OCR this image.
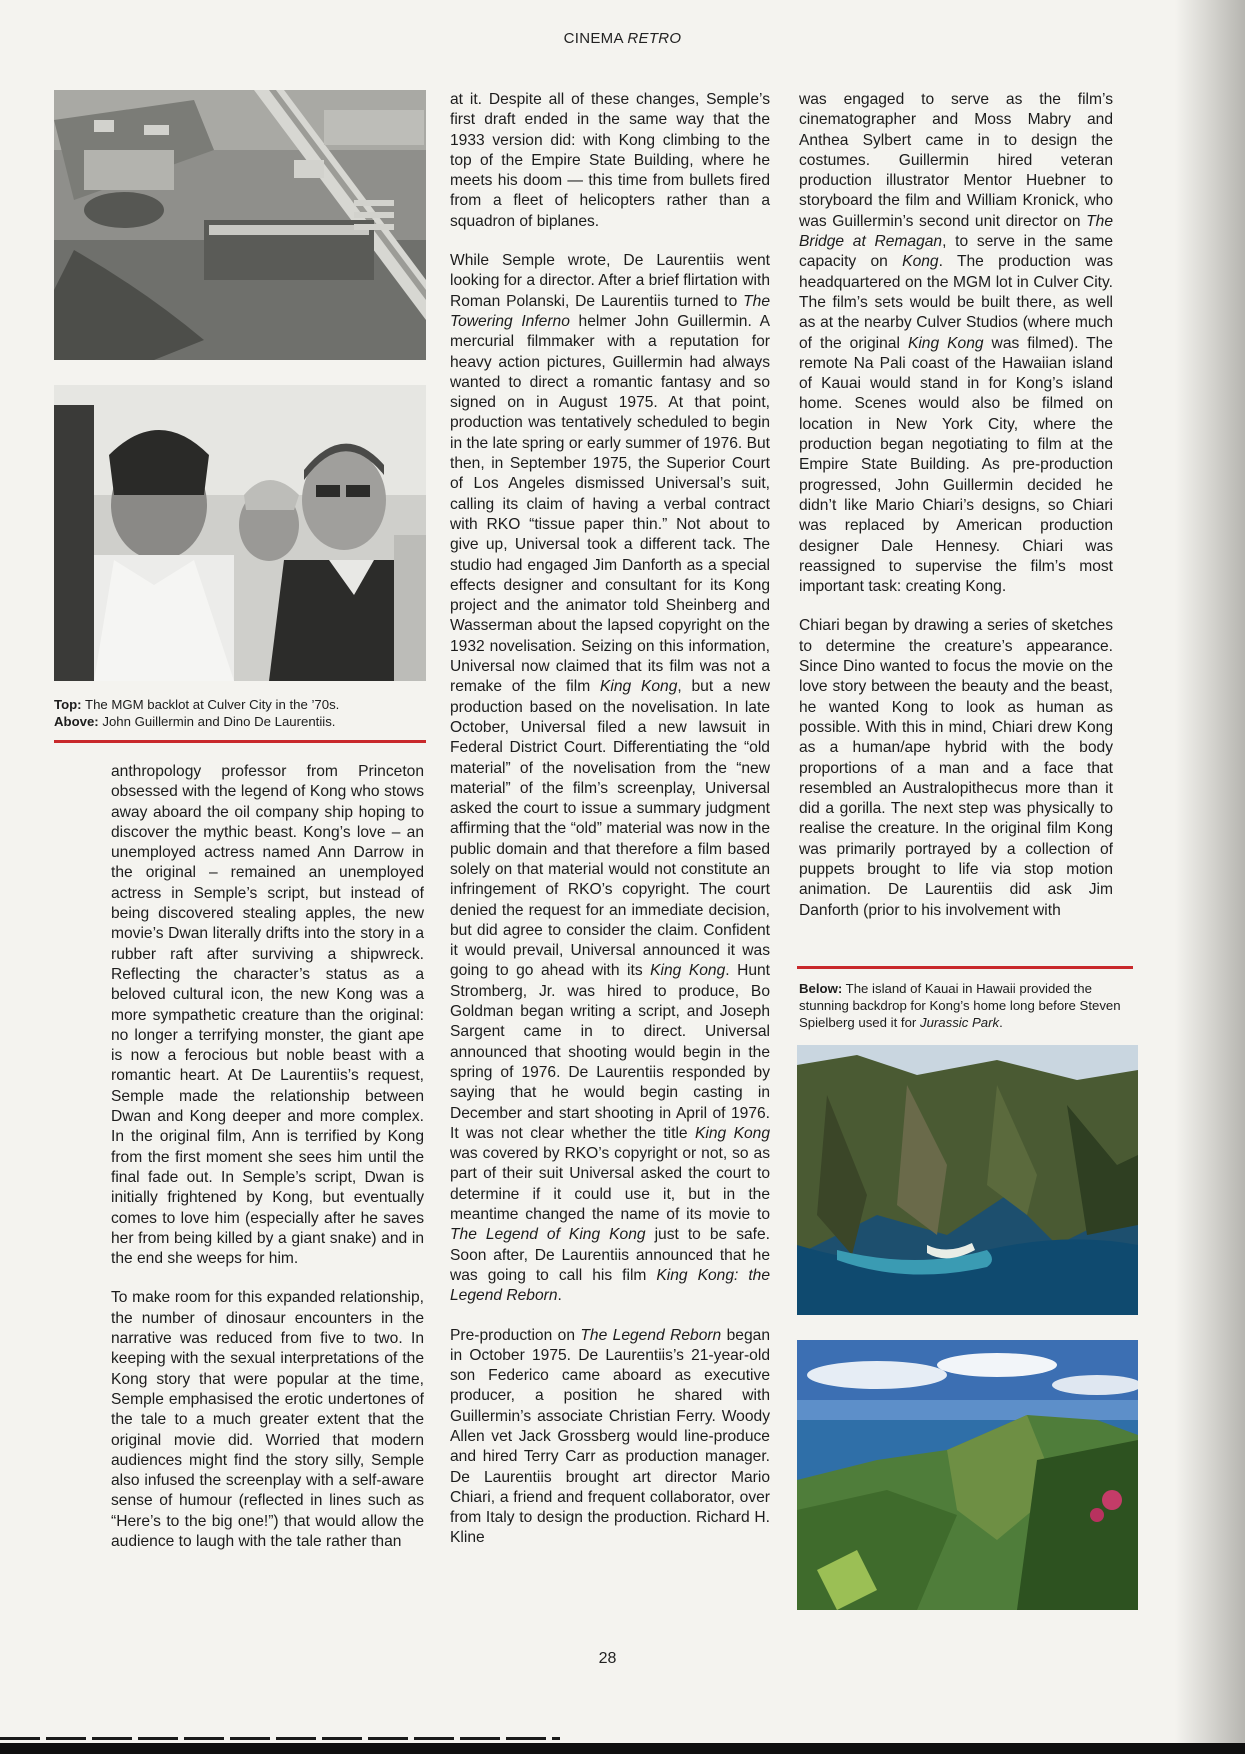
CINEMA RETRO
Top: The MGM backlot at Culver City in the ’70s.
Above: John Guillermin and Dino De Laurentiis.

anthropology professor from Princeton obsessed with the legend of Kong who stows away aboard the oil company ship hoping to discover the mythic beast. Kong’s love – an unemployed actress named Ann Darrow in the original – remained an unemployed actress in Semple’s script, but instead of being discovered stealing apples, the new movie’s Dwan literally drifts into the story in a rubber raft after surviving a shipwreck. Reflecting the character’s status as a beloved cultural icon, the new Kong was a more sympathetic creature than the original: no longer a terrifying monster, the giant ape is now a ferocious but noble beast with a romantic heart. At De Laurentiis’s request, Semple made the relationship between Dwan and Kong deeper and more complex. In the original film, Ann is terrified by Kong from the first moment she sees him until the final fade out. In Semple’s script, Dwan is initially frightened by Kong, but eventually comes to love him (especially after he saves her from being killed by a giant snake) and in the end she weeps for him.

To make room for this expanded relationship, the number of dinosaur encounters in the narrative was reduced from five to two. In keeping with the sexual interpretations of the Kong story that were popular at the time, Semple emphasised the erotic undertones of the tale to a much greater extent that the original movie did. Worried that modern audiences might find the story silly, Semple also infused the screenplay with a self-aware sense of humour (reflected in lines such as “Here’s to the big one!”) that would allow the audience to laugh with the tale rather than

at it. Despite all of these changes, Semple’s first draft ended in the same way that the 1933 version did: with Kong climbing to the top of the Empire State Building, where he meets his doom — this time from bullets fired from a fleet of helicopters rather than a squadron of biplanes.

While Semple wrote, De Laurentiis went looking for a director. After a brief flirtation with Roman Polanski, De Laurentiis turned to The Towering Inferno helmer John Guillermin. A mercurial filmmaker with a reputation for heavy action pictures, Guillermin had always wanted to direct a romantic fantasy and so signed on in August 1975. At that point, production was tentatively scheduled to begin in the late spring or early summer of 1976. But then, in September 1975, the Superior Court of Los Angeles dismissed Universal’s suit, calling its claim of having a verbal contract with RKO “tissue paper thin.” Not about to give up, Universal took a different tack. The studio had engaged Jim Danforth as a special effects designer and consultant for its Kong project and the animator told Sheinberg and Wasserman about the lapsed copyright on the 1932 novelisation. Seizing on this information, Universal now claimed that its film was not a remake of the film King Kong, but a new production based on the novelisation. In late October, Universal filed a new lawsuit in Federal District Court. Differentiating the “old material” of the novelisation from the “new material” of the film’s screenplay, Universal asked the court to issue a summary judgment affirming that the “old” material was now in the public domain and that therefore a film based solely on that material would not constitute an infringement of RKO’s copyright. The court denied the request for an immediate decision, but did agree to consider the claim. Confident it would prevail, Universal announced it was going to go ahead with its King Kong. Hunt Stromberg, Jr. was hired to produce, Bo Goldman began writing a script, and Joseph Sargent came in to direct. Universal announced that shooting would begin in the spring of 1976. De Laurentiis responded by saying that he would begin casting in December and start shooting in April of 1976. It was not clear whether the title King Kong was covered by RKO’s copyright or not, so as part of their suit Universal asked the court to determine if it could use it, but in the meantime changed the name of its movie to The Legend of King Kong just to be safe. Soon after, De Laurentiis announced that he was going to call his film King Kong: the Legend Reborn.

Pre-production on The Legend Reborn began in October 1975. De Laurentiis’s 21-year-old son Federico came aboard as executive producer, a position he shared with Guillermin’s associate Christian Ferry. Woody Allen vet Jack Grossberg would line-produce and hired Terry Carr as production manager. De Laurentiis brought art director Mario Chiari, a friend and frequent collaborator, over from Italy to design the production. Richard H. Kline

was engaged to serve as the film’s cinematographer and Moss Mabry and Anthea Sylbert came in to design the costumes. Guillermin hired veteran production illustrator Mentor Huebner to storyboard the film and William Kronick, who was Guillermin’s second unit director on The Bridge at Remagan, to serve in the same capacity on Kong. The production was headquartered on the MGM lot in Culver City. The film’s sets would be built there, as well as at the nearby Culver Studios (where much of the original King Kong was filmed). The remote Na Pali coast of the Hawaiian island of Kauai would stand in for Kong’s island home. Scenes would also be filmed on location in New York City, where the production began negotiating to film at the Empire State Building. As pre-production progressed, John Guillermin decided he didn’t like Mario Chiari’s designs, so Chiari was replaced by American production designer Dale Hennesy. Chiari was reassigned to supervise the film’s most important task: creating Kong.

Chiari began by drawing a series of sketches to determine the creature’s appearance. Since Dino wanted to focus the movie on the love story between the beauty and the beast, he wanted Kong to look as human as possible. With this in mind, Chiari drew Kong as a human/ape hybrid with the body proportions of a man and a face that resembled an Australopithecus more than it did a gorilla. The next step was physically to realise the creature. In the original film Kong was primarily portrayed by a collection of puppets brought to life via stop motion animation. De Laurentiis did ask Jim Danforth (prior to his involvement with

Below: The island of Kauai in Hawaii provided the stunning backdrop for Kong’s home long before Steven Spielberg used it for Jurassic Park.
28
